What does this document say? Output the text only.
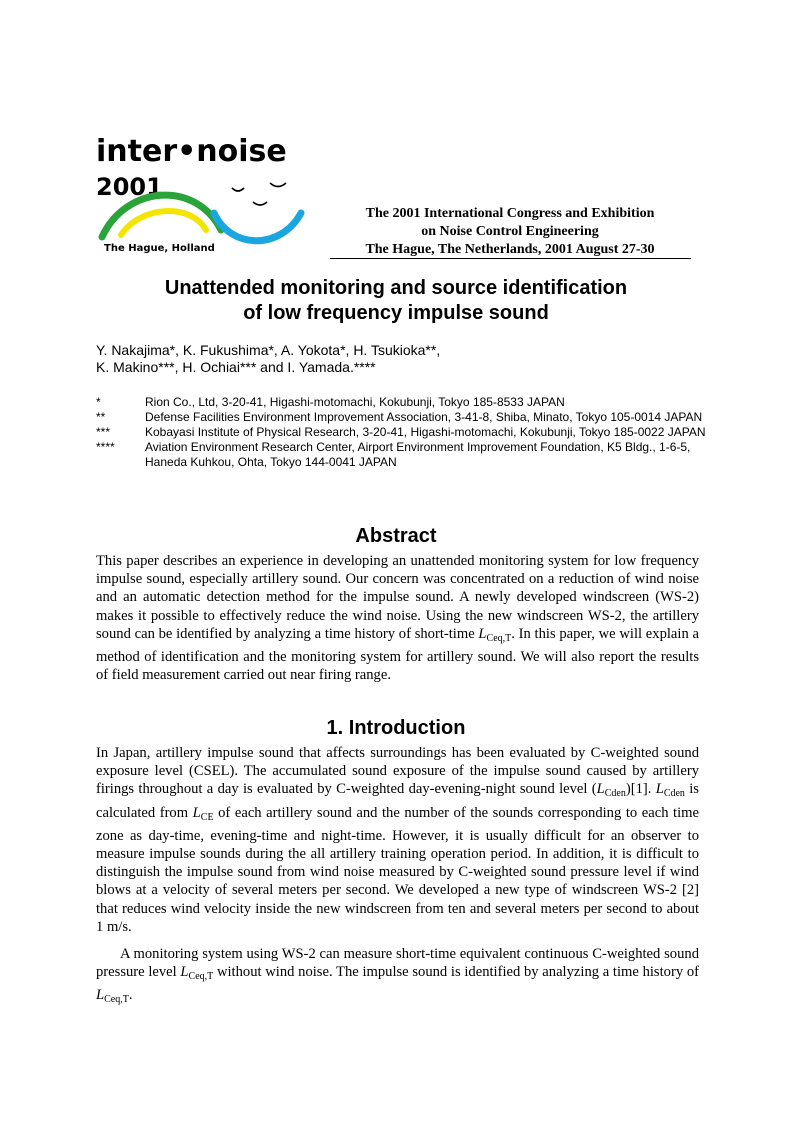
inter•noise 2001
The Hague, Holland
The 2001 International Congress and Exhibition
on Noise Control Engineering
The Hague, The Netherlands, 2001 August 27-30
Unattended monitoring and source identification
of low frequency impulse sound
Y. Nakajima*, K. Fukushima*, A. Yokota*, H. Tsukioka**,
K. Makino***, H. Ochiai*** and I. Yamada.****
*	Rion Co., Ltd, 3-20-41, Higashi-motomachi, Kokubunji, Tokyo 185-8533 JAPAN
**	Defense Facilities Environment Improvement Association, 3-41-8, Shiba, Minato, Tokyo 105-0014 JAPAN
***	Kobayasi Institute of Physical Research, 3-20-41, Higashi-motomachi, Kokubunji, Tokyo 185-0022 JAPAN
****	Aviation Environment Research Center, Airport Environment Improvement Foundation, K5 Bldg., 1-6-5, Haneda Kuhkou, Ohta, Tokyo 144-0041 JAPAN
Abstract
This paper describes an experience in developing an unattended monitoring system for low frequency impulse sound, especially artillery sound. Our concern was concentrated on a reduction of wind noise and an automatic detection method for the impulse sound. A newly developed windscreen (WS-2) makes it possible to effectively reduce the wind noise. Using the new windscreen WS-2, the artillery sound can be identified by analyzing a time history of short-time $L_{Ceq,T}$. In this paper, we will explain a method of identification and the monitoring system for artillery sound. We will also report the results of field measurement carried out near firing range.
1. Introduction
In Japan, artillery impulse sound that affects surroundings has been evaluated by C-weighted sound exposure level (CSEL). The accumulated sound exposure of the impulse sound caused by artillery firings throughout a day is evaluated by C-weighted day-evening-night sound level $(L_{Cden})[1]$. $L_{Cden}$ is calculated from $L_{CE}$ of each artillery sound and the number of the sounds corresponding to each time zone as day-time, evening-time and night-time. However, it is usually difficult for an observer to measure impulse sounds during the all artillery training operation period. In addition, it is difficult to distinguish the impulse sound from wind noise measured by C-weighted sound pressure level if wind blows at a velocity of several meters per second. We developed a new type of windscreen WS-2 [2] that reduces wind velocity inside the new windscreen from ten and several meters per second to about 1 m/s.
A monitoring system using WS-2 can measure short-time equivalent continuous C-weighted sound pressure level $L_{Ceq,T}$ without wind noise. The impulse sound is identified by analyzing a time history of $L_{Ceq,T}$.
